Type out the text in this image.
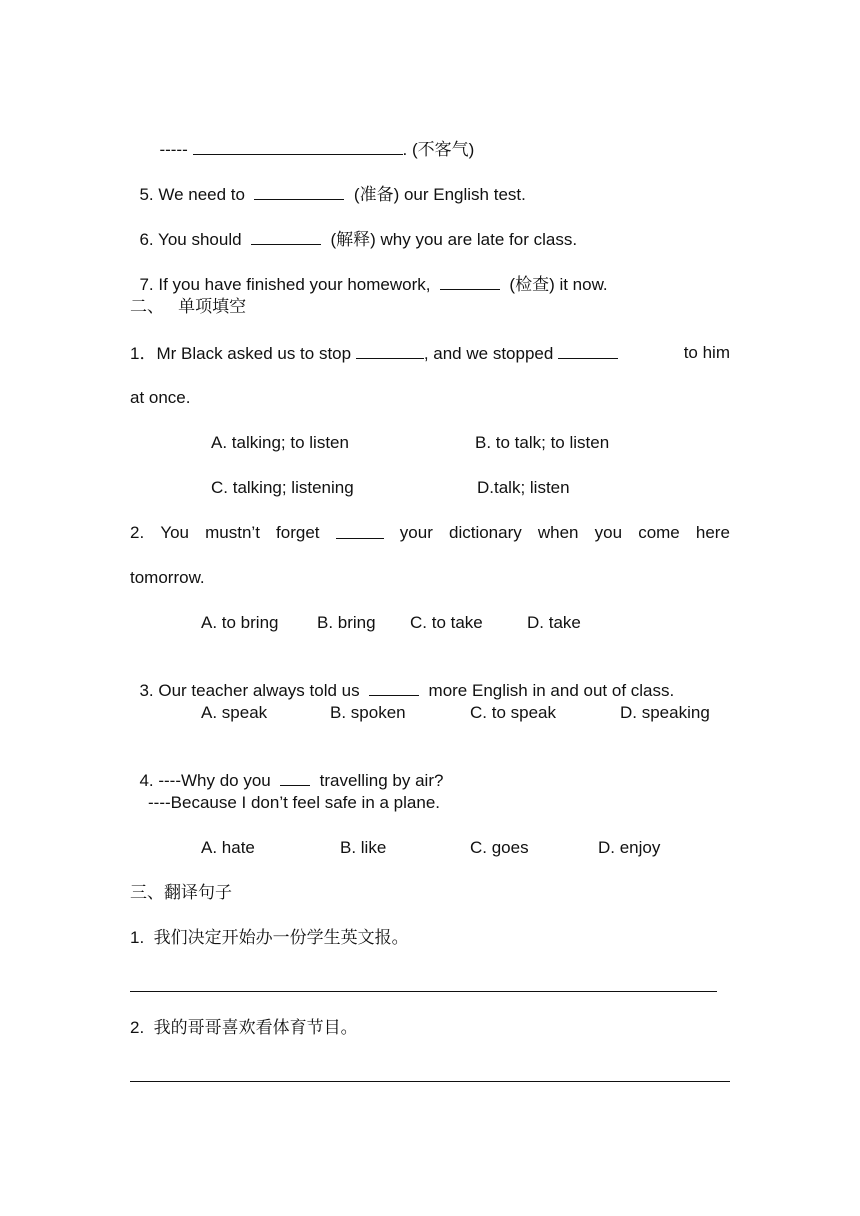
-----	. (不客气)

5. We need to	(准备) our English test.

6. You should	(解释) why you are late for class.

7. If you have finished your homework,	(检查) it now.

二、   单项填空
1．Mr Black asked us to stop	, and we stopped	to him
at once.
A. talking; to listen	B. to talk; to listen
C. talking; listening	D.talk; listen
2. You mustn’t forget	your dictionary when you come here
tomorrow.
A. to bring B. bring C. to take	D. take

3. Our teacher always told us	more English in and out of class.

A. speak	B. spoken	C. to speak	D. speaking

4. ----Why do you	travelling by air?

----Because I don’t feel safe in a plane.
A. hate	B. like	C. goes	D. enjoy
三、翻译句子
1.  我们决定开始办一份学生英文报。
2.  我的哥哥喜欢看体育节目。
